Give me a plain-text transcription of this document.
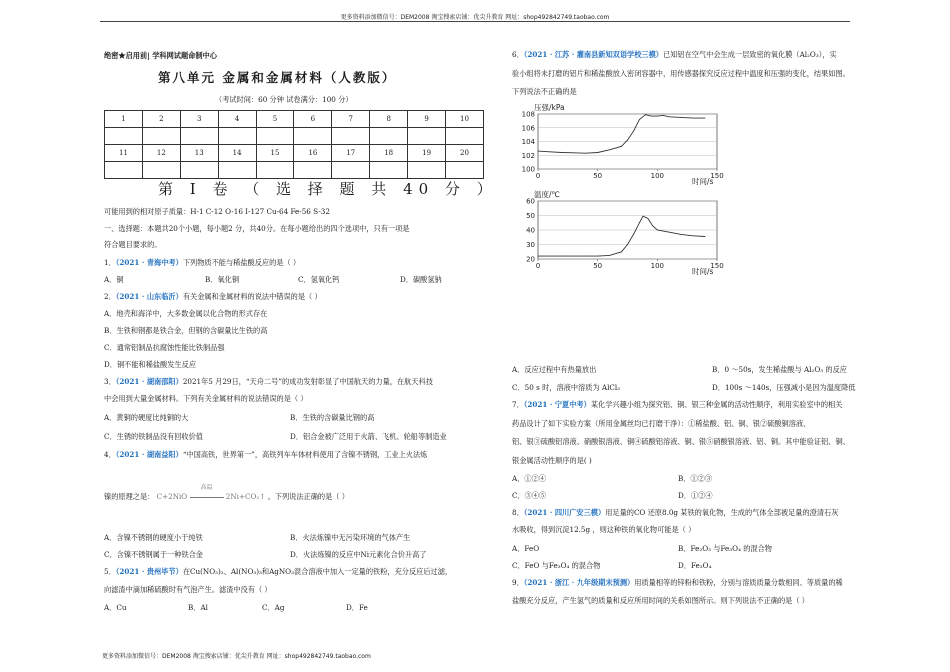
更多资料添加微信号：DEM2008 淘宝搜索店铺：优尖升教育 网址：shop492842749.taobao.com
绝密★启用前| 学科网试题命制中心
第八单元 金属和金属材料（人教版）
（考试时间：60 分钟 试卷满分：100 分）
1	2	3	4	5	6	7	8	9	10

11	12	13	14	15	16	17	18	19	20

第 Ⅰ 卷 （ 选 择 题 共 40 分 ）
可能用到的相对原子质量：H-1 C-12 O-16 I-127 Cu-64 Fe-56 S-32
一、选择题：本题共20个小题，每小题2 分，共40分。在每小题给出的四个选项中，只有一项是
符合题目要求的。
1．（2021 · 青海中考）下列物质不能与稀盐酸反应的是（ ）
A．铜	B．氧化铜	C．氢氧化钙	D．碳酸氢钠
2．（2021 · 山东临沂）有关金属和金属材料的说法中错误的是（ ）
A．地壳和海洋中，大多数金属以化合物的形式存在
B．生铁和钢都是铁合金，但钢的含碳量比生铁的高
C．通常铝制品抗腐蚀性能比铁制品强
D．铜不能和稀盐酸发生反应
3．（2021 · 湖南邵阳）2021年5 月29日，“天舟二号”的成功发射彰显了中国航天的力量，在航天科技
中会用到大量金属材料。下列有关金属材料的说法错误的是（ ）
A．黄铜的硬度比纯铜的大	B．生铁的含碳量比钢的高
C．生锈的铁制品没有回收价值	D．铝合金被广泛用于火箭、飞机、轮船等制造业
4．（2021 · 湖南益阳）“中国高铁，世界第一”，高铁列车车体材料使用了含镍不锈钢，工业上火法炼
镍的原理之是： C+2NiO
高温
2Ni+CO₂↑ 。下列说法正确的是（ ）
A．含镍不锈钢的硬度小于纯铁	B．火法炼镍中无污染环境的气体产生
C．含镍不锈钢属于一种铁合金	D．火法炼镍的反应中Ni元素化合价升高了
5．（2021 · 贵州毕节）在Cu(NO₃)₂、Al(NO₃)₃和AgNO₃混合溶液中加入一定量的铁粉，充分反应后过滤，
向滤渣中滴加稀硫酸时有气泡产生。滤渣中没有（ ）
A．Cu	B．Al	C．Ag	D．Fe
6．（2021 · 江苏 · 灌南县新知双语学校三模）已知铝在空气中会生成一层致密的氧化膜（Al₂O₃），实
验小组将未打磨的铝片和稀盐酸放入密闭容器中，用传感器探究反应过程中温度和压强的变化，结果如图。
下列说法不正确的是
100
102
104
106
108
0	50	100	150
压强/kPa
时间/s
20
30
40
50
60
0	50	100	150
温度/℃
时间/s
A．反应过程中有热量放出	B．0 ～50s，发生稀盐酸与 Al₂O₃ 的反应
C．50 s 时，溶液中溶质为 AlCl₃	D．100s ～140s，压强减小是因为温度降低
7．（2021 · 宁夏中考）某化学兴趣小组为探究铝、铜、银三种金属的活动性顺序，利用实验室中的相关
药品设计了如下实验方案（所用金属丝均已打磨干净）：①稀盐酸、铝、铜、银②硫酸铜溶液、
铝、银③硫酸铝溶液、硝酸银溶液、铜④硫酸铝溶液、铜、银⑤硝酸银溶液、铝、铜。其中能验证铝、铜、
银金属活动性顺序的是( )
A．①②④	B．①②③
C．③④⑤	D．①②④
8．（2021 · 四川广安三模）用足量的CO 还原8.0g 某铁的氧化物，生成的气体全部被足量的澄清石灰
水吸收，得到沉淀12.5g ，则这种铁的氧化物可能是（ ）
A．FeO	B．Fe₂O₃ 与Fe₃O₄ 的混合物
C．FeO 与Fe₃O₄ 的混合物	D．Fe₃O₄
9．（2021 · 浙江 · 九年级期末预测）用质量相等的锌粉和铁粉，分别与溶质质量分数相同、等质量的稀
盐酸充分反应，产生氢气的质量和反应所用时间的关系如图所示。则下列说法不正确的是（ ）
更多资料添加微信号：DEM2008 淘宝搜索店铺：优尖升教育 网址：shop492842749.taobao.com
